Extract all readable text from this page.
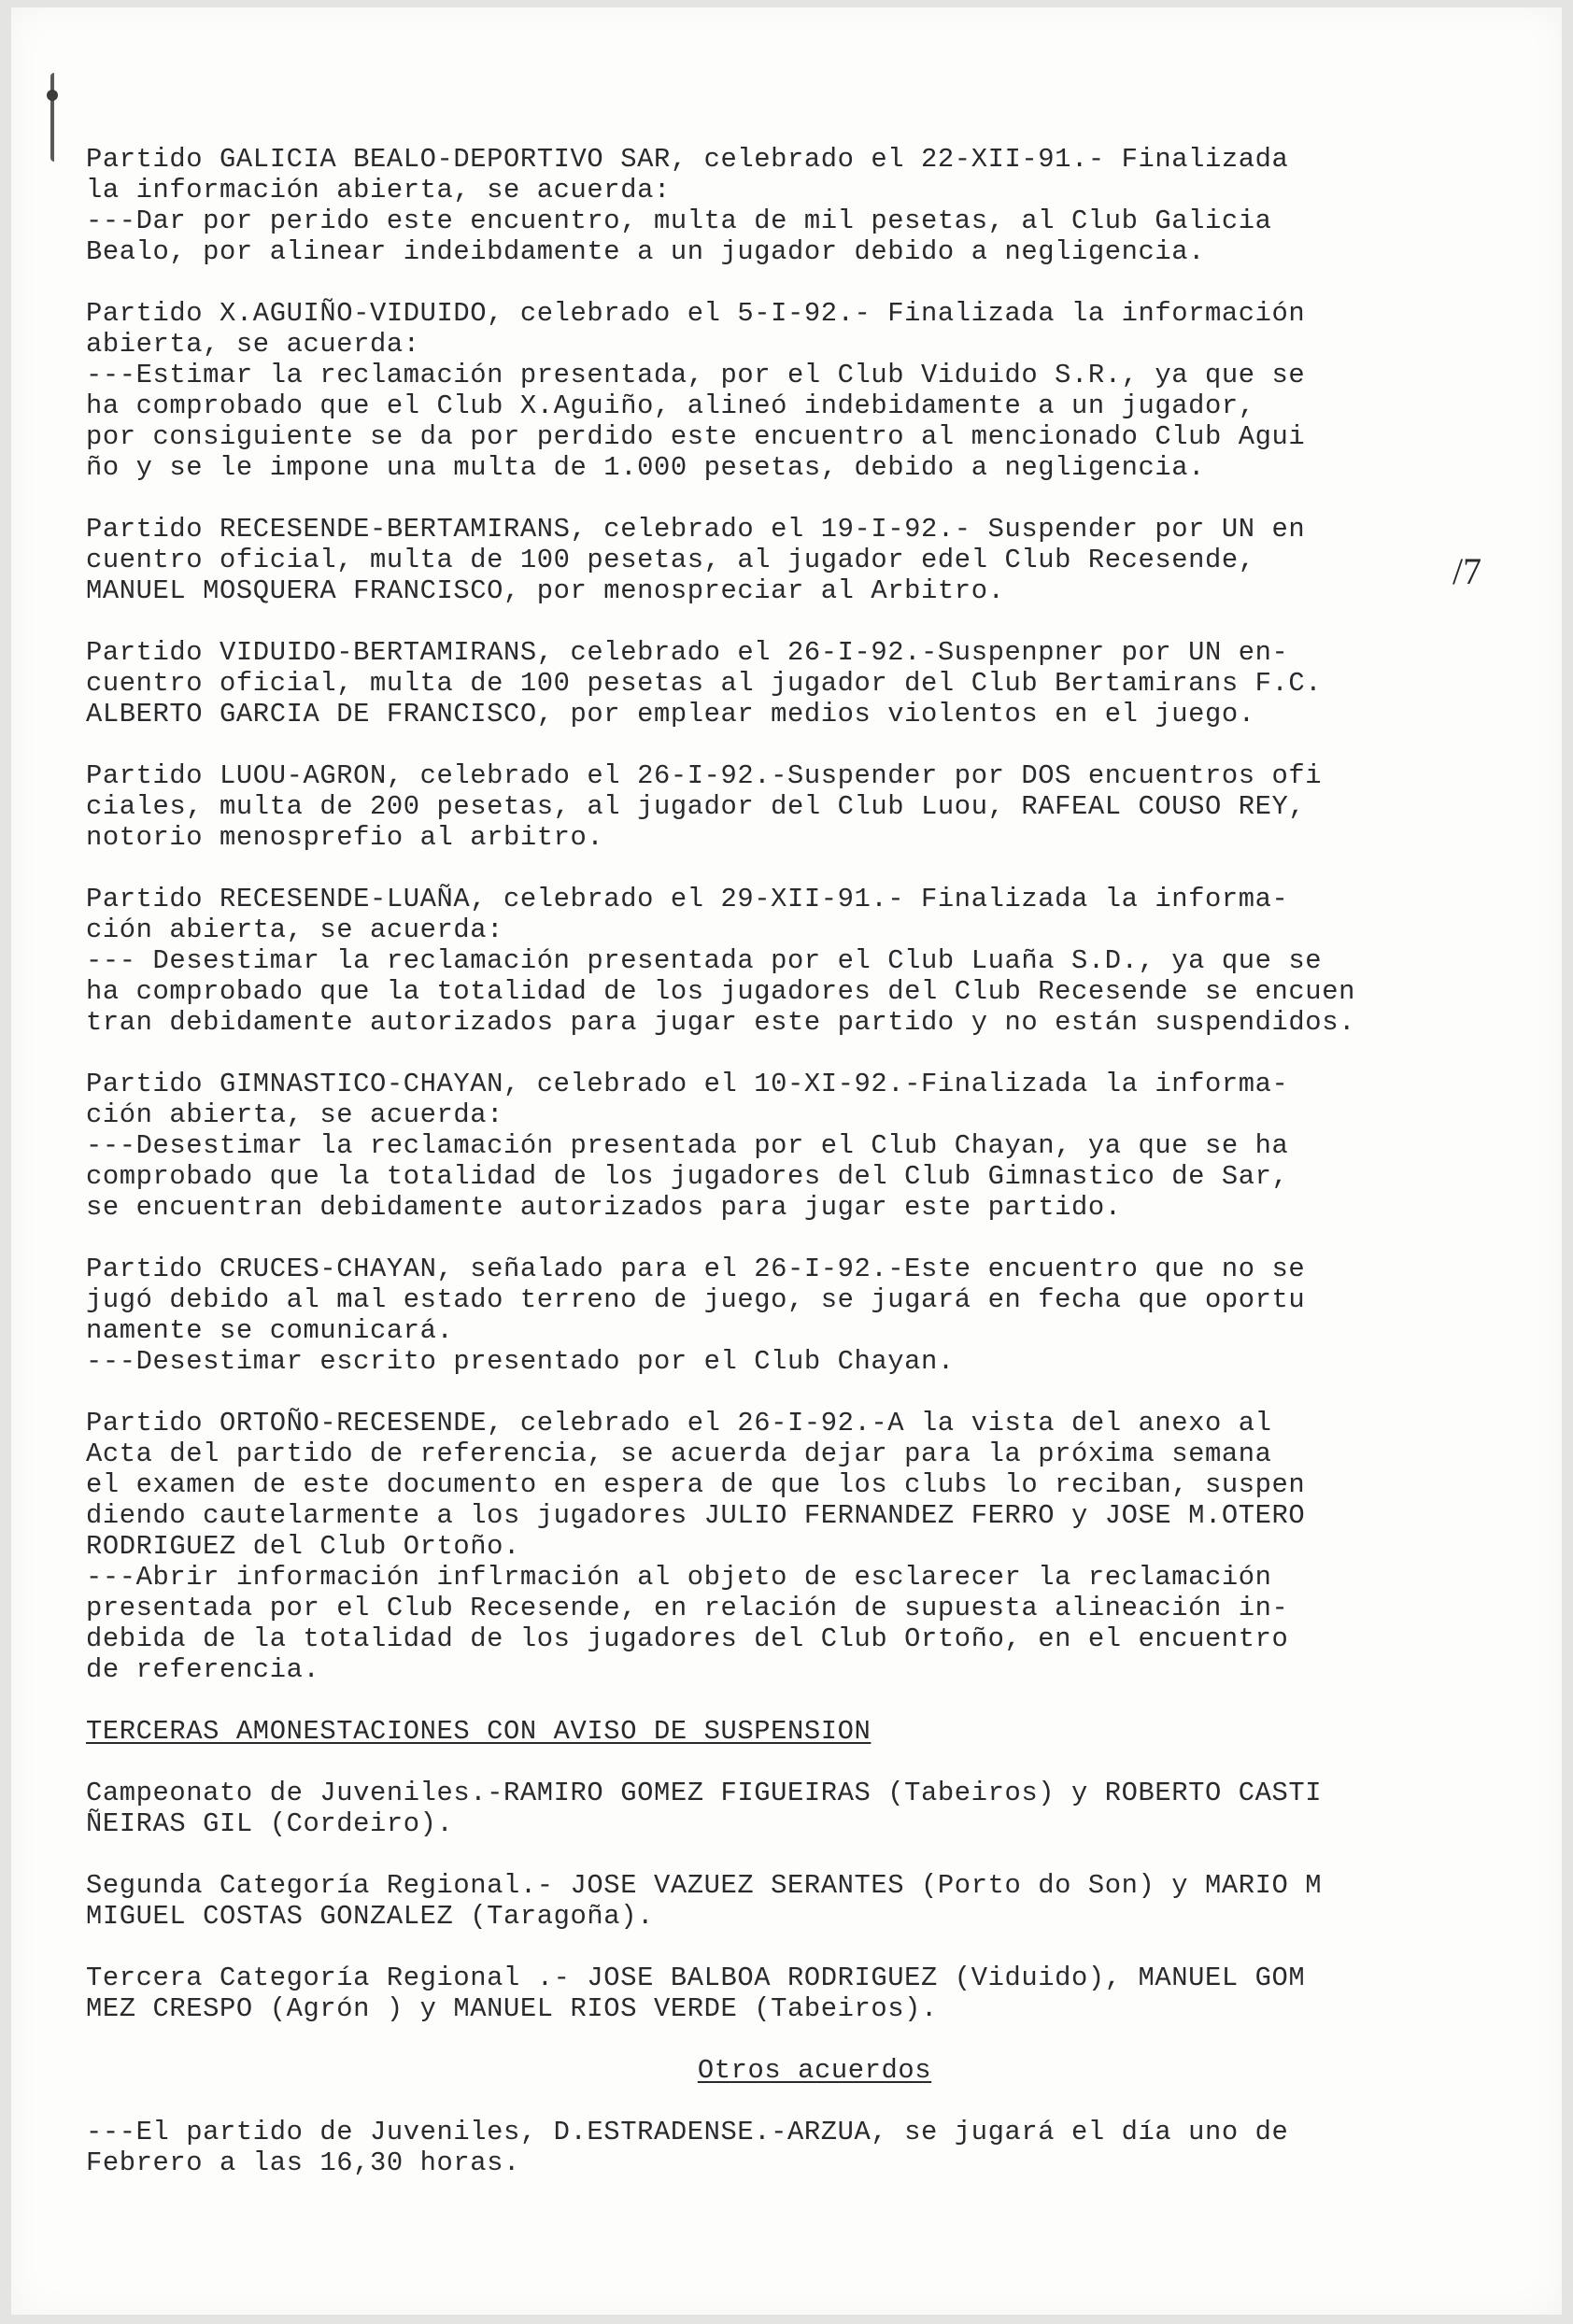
/7
Partido GALICIA BEALO-DEPORTIVO SAR, celebrado el 22-XII-91.- Finalizada
la información abierta, se acuerda:
---Dar por perido este encuentro, multa de mil pesetas, al Club Galicia
Bealo, por alinear indeibdamente a un jugador debido a negligencia.
Partido X.AGUIÑO-VIDUIDO, celebrado el 5-I-92.- Finalizada la información
abierta, se acuerda:
---Estimar la reclamación presentada, por el Club Viduido S.R., ya que se
ha comprobado que el Club X.Aguiño, alineó indebidamente a un jugador,
por consiguiente se da por perdido este encuentro al mencionado Club Agui
ño y se le impone una multa de 1.000 pesetas, debido a negligencia.
Partido RECESENDE-BERTAMIRANS, celebrado el 19-I-92.- Suspender por UN en
cuentro oficial, multa de 100 pesetas, al jugador edel Club Recesende,
MANUEL MOSQUERA FRANCISCO, por menospreciar al Arbitro.
Partido VIDUIDO-BERTAMIRANS, celebrado el 26-I-92.-Suspenpner por UN en-
cuentro oficial, multa de 100 pesetas al jugador del Club Bertamirans F.C.
ALBERTO GARCIA DE FRANCISCO, por emplear medios violentos en el juego.
Partido LUOU-AGRON, celebrado el 26-I-92.-Suspender por DOS encuentros ofi
ciales, multa de 200 pesetas, al jugador del Club Luou, RAFEAL COUSO REY,
notorio menosprefio al arbitro.
Partido RECESENDE-LUAÑA, celebrado el 29-XII-91.- Finalizada la informa-
ción abierta, se acuerda:
--- Desestimar la reclamación presentada por el Club Luaña S.D., ya que se
ha comprobado que la totalidad de los jugadores del Club Recesende se encuen
tran debidamente autorizados para jugar este partido y no están suspendidos.
Partido GIMNASTICO-CHAYAN, celebrado el 10-XI-92.-Finalizada la informa-
ción abierta, se acuerda:
---Desestimar la reclamación presentada por el Club Chayan, ya que se ha
comprobado que la totalidad de los jugadores del Club Gimnastico de Sar,
se encuentran debidamente autorizados para jugar este partido.
Partido CRUCES-CHAYAN, señalado para el 26-I-92.-Este encuentro que no se
jugó debido al mal estado terreno de juego, se jugará en fecha que oportu
namente se comunicará.
---Desestimar escrito presentado por el Club Chayan.
Partido ORTOÑO-RECESENDE, celebrado el 26-I-92.-A la vista del anexo al
Acta del partido de referencia, se acuerda dejar para la próxima semana
el examen de este documento en espera de que los clubs lo reciban, suspen
diendo cautelarmente a los jugadores JULIO FERNANDEZ FERRO y JOSE M.OTERO
RODRIGUEZ del Club Ortoño.
---Abrir información inflrmación al objeto de esclarecer la reclamación
presentada por el Club Recesende, en relación de supuesta alineación in-
debida de la totalidad de los jugadores del Club Ortoño, en el encuentro
de referencia.
TERCERAS AMONESTACIONES CON AVISO DE SUSPENSION
Campeonato de Juveniles.-RAMIRO GOMEZ FIGUEIRAS (Tabeiros) y ROBERTO CASTI
ÑEIRAS GIL (Cordeiro).
Segunda Categoría Regional.- JOSE VAZUEZ SERANTES (Porto do Son) y MARIO M
MIGUEL COSTAS GONZALEZ (Taragoña).
Tercera Categoría Regional .- JOSE BALBOA RODRIGUEZ (Viduido), MANUEL GOM
MEZ CRESPO (Agrón ) y MANUEL RIOS VERDE (Tabeiros).
Otros acuerdos
---El partido de Juveniles, D.ESTRADENSE.-ARZUA, se jugará el día uno de
Febrero a las 16,30 horas.
